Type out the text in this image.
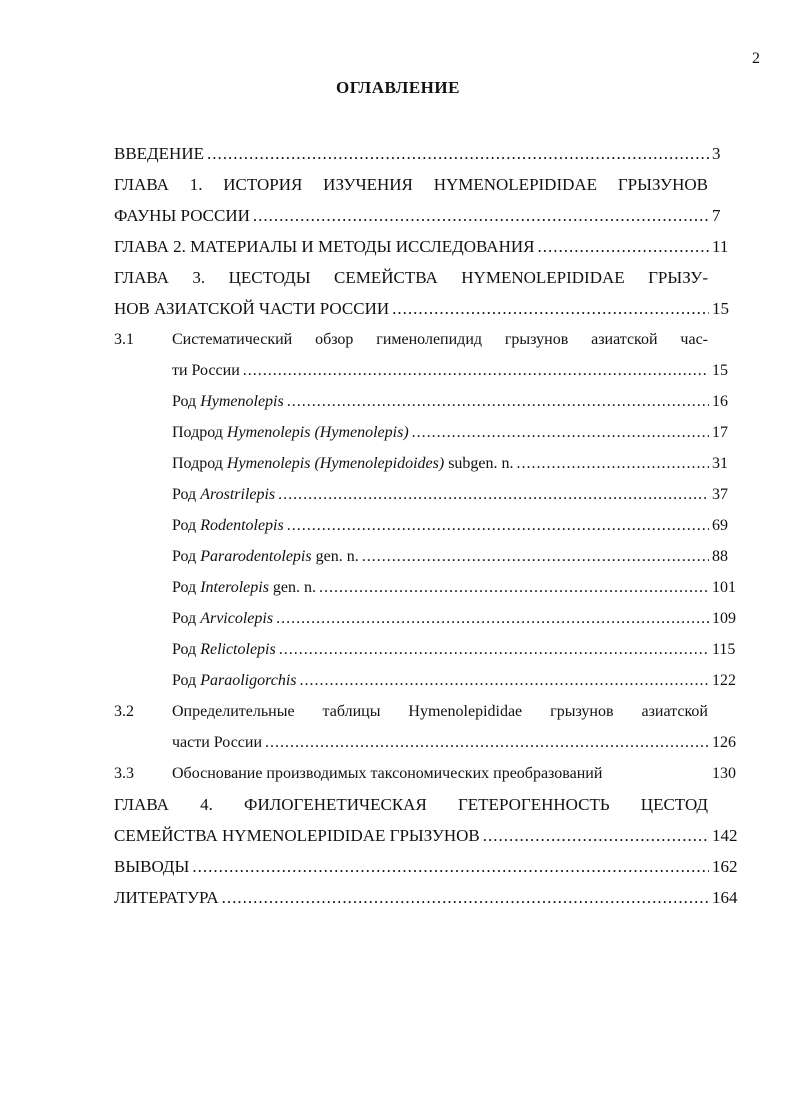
2
ОГЛАВЛЕНИЕ
ВВЕДЕНИЕ .....	3
ГЛАВА 1. ИСТОРИЯ ИЗУЧЕНИЯ HYMENOLEPIDIDAE ГРЫЗУНОВ
ФАУНЫ РОССИИ .....	7
ГЛАВА 2. МАТЕРИАЛЫ И МЕТОДЫ ИССЛЕДОВАНИЯ .....	11
ГЛАВА 3. ЦЕСТОДЫ СЕМЕЙСТВА HYMENOLEPIDIDAE ГРЫЗУ-
НОВ АЗИАТСКОЙ ЧАСТИ РОССИИ .....	15
3.1	Систематический обзор гименолепидид грызунов азиатской час-
ти России .....	15
Род Hymenolepis .....	16
Подрод Hymenolepis (Hymenolepis) .....	17
Подрод Hymenolepis (Hymenolepidoides) subgen. n. .....	31
Род Arostrilepis .....	37
Род Rodentolepis .....	69
Род Pararodentolepis gen. n. .....	88
Род Interolepis gen. n. .....	101
Род Arvicolepis .....	109
Род Relictolepis .....	115
Род Paraoligorchis .....	122
3.2	Определительные таблицы Hymenolepididae грызунов азиатской
части России .....	126
3.3	Обоснование производимых таксономических преобразований	130
ГЛАВА 4. ФИЛОГЕНЕТИЧЕСКАЯ ГЕТЕРОГЕННОСТЬ ЦЕСТОД
СЕМЕЙСТВА HYMENOLEPIDIDAE ГРЫЗУНОВ .....	142
ВЫВОДЫ .....	162
ЛИТЕРАТУРА .....	164
